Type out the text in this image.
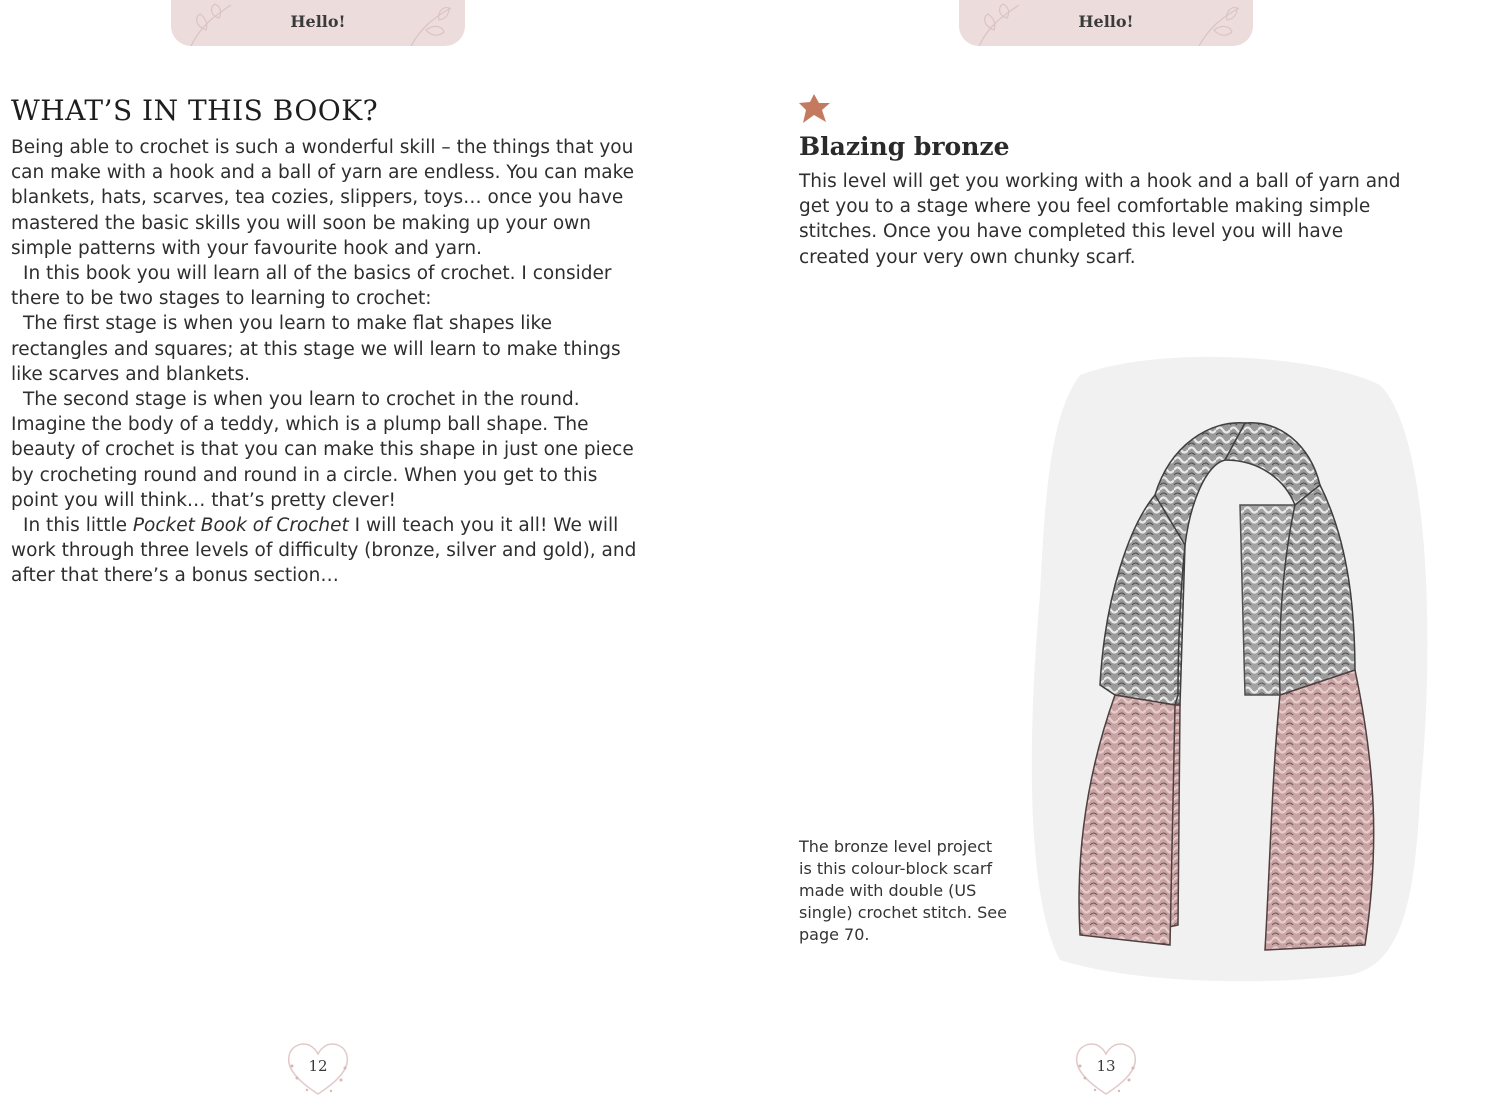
Hello!
WHAT’S IN THIS BOOK?

Being able to crochet is such a wonderful skill – the things that you can make with a hook and a ball of yarn are endless. You can make blankets, hats, scarves, tea cozies, slippers, toys… once you have mastered the basic skills you will soon be making up your own simple patterns with your favourite hook and yarn.

In this book you will learn all of the basics of crochet. I consider there to be two stages to learning to crochet:

The first stage is when you learn to make flat shapes like rectangles and squares; at this stage we will learn to make things like scarves and blankets.

The second stage is when you learn to crochet in the round. Imagine the body of a teddy, which is a plump ball shape. The beauty of crochet is that you can make this shape in just one piece by crocheting round and round in a circle. When you get to this point you will think… that’s pretty clever!

In this little Pocket Book of Crochet I will teach you it all! We will work through three levels of difficulty (bronze, silver and gold), and after that there’s a bonus section…

12
Hello!
Blazing bronze

This level will get you working with a hook and a ball of yarn and get you to a stage where you feel comfortable making simple stitches. Once you have completed this level you will have created your very own chunky scarf.

The bronze level project is this colour-block scarf made with double (US single) crochet stitch. See page 70.

13
